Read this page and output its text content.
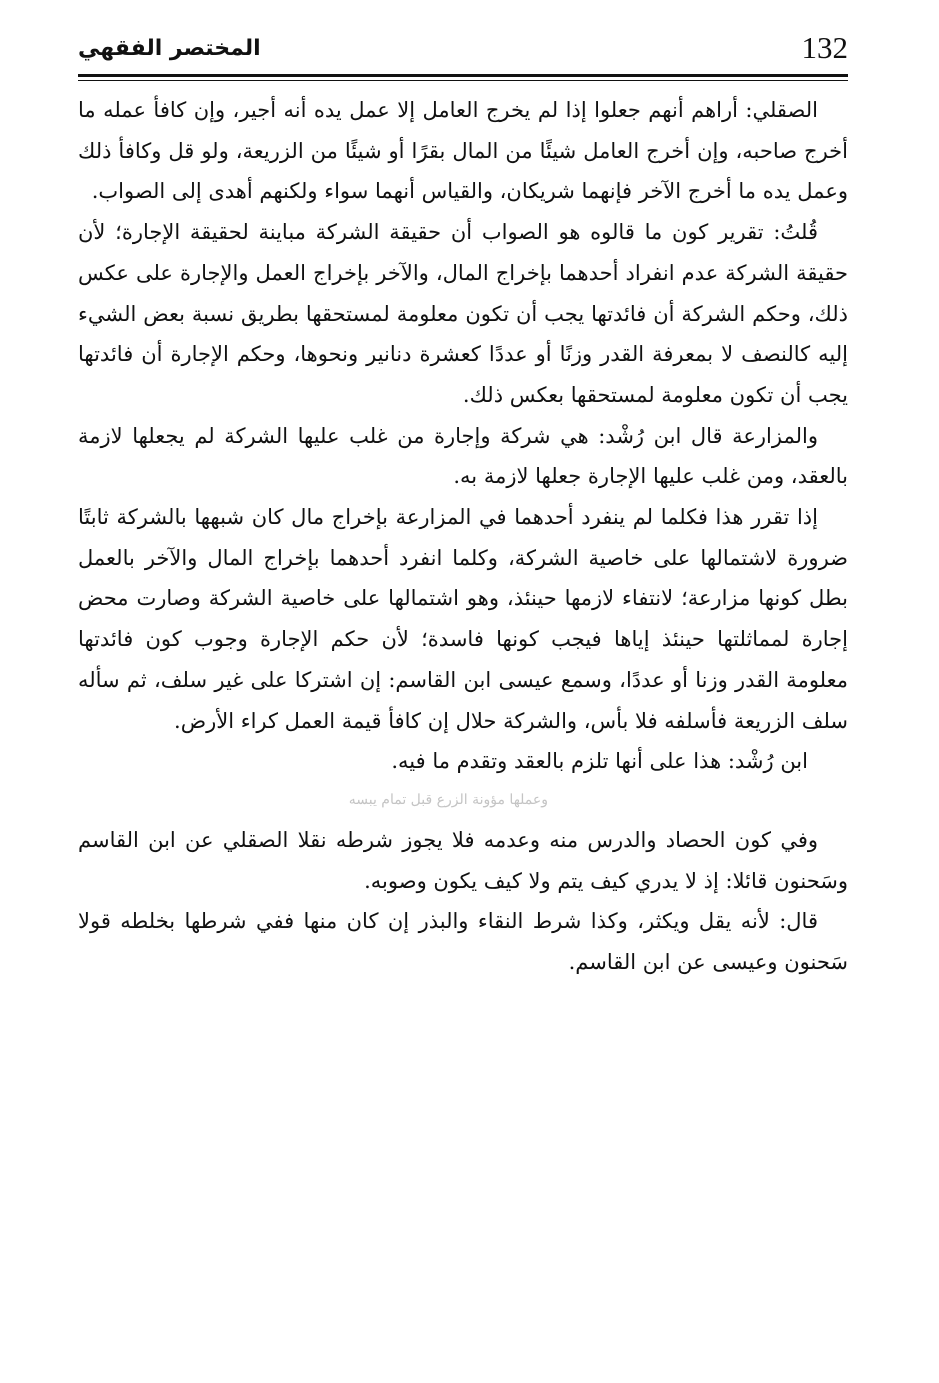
132
المختصر الفقهي

الصقلي: أراهم أنهم جعلوا إذا لم يخرج العامل إلا عمل يده أنه أجير، وإن كافأ عمله ما أخرج صاحبه، وإن أخرج العامل شيئًا من المال بقرًا أو شيئًا من الزريعة، ولو قل وكافأ ذلك وعمل يده ما أخرج الآخر فإنهما شريكان، والقياس أنهما سواء ولكنهم أهدى إلى الصواب.

قُلتُ: تقرير كون ما قالوه هو الصواب أن حقيقة الشركة مباينة لحقيقة الإجارة؛ لأن حقيقة الشركة عدم انفراد أحدهما بإخراج المال، والآخر بإخراج العمل والإجارة على عكس ذلك، وحكم الشركة أن فائدتها يجب أن تكون معلومة لمستحقها بطريق نسبة بعض الشيء إليه كالنصف لا بمعرفة القدر وزنًا أو عددًا كعشرة دنانير ونحوها، وحكم الإجارة أن فائدتها يجب أن تكون معلومة لمستحقها بعكس ذلك.

والمزارعة قال ابن رُشْد: هي شركة وإجارة من غلب عليها الشركة لم يجعلها لازمة بالعقد، ومن غلب عليها الإجارة جعلها لازمة به.

إذا تقرر هذا فكلما لم ينفرد أحدهما في المزارعة بإخراج مال كان شبهها بالشركة ثابتًا ضرورة لاشتمالها على خاصية الشركة، وكلما انفرد أحدهما بإخراج المال والآخر بالعمل بطل كونها مزارعة؛ لانتفاء لازمها حينئذ، وهو اشتمالها على خاصية الشركة وصارت محض إجارة لمماثلتها حينئذ إياها فيجب كونها فاسدة؛ لأن حكم الإجارة وجوب كون فائدتها معلومة القدر وزنا أو عددًا، وسمع عيسى ابن القاسم: إن اشتركا على غير سلف، ثم سأله سلف الزريعة فأسلفه فلا بأس، والشركة حلال إن كافأ قيمة العمل كراء الأرض.

ابن رُشْد: هذا على أنها تلزم بالعقد وتقدم ما فيه.

وعملها مؤونة الزرع قبل تمام يبسه

وفي كون الحصاد والدرس منه وعدمه فلا يجوز شرطه نقلا الصقلي عن ابن القاسم وسَحنون قائلا: إذ لا يدري كيف يتم ولا كيف يكون وصوبه.

قال: لأنه يقل ويكثر، وكذا شرط النقاء والبذر إن كان منها ففي شرطها بخلطه قولا سَحنون وعيسى عن ابن القاسم.
